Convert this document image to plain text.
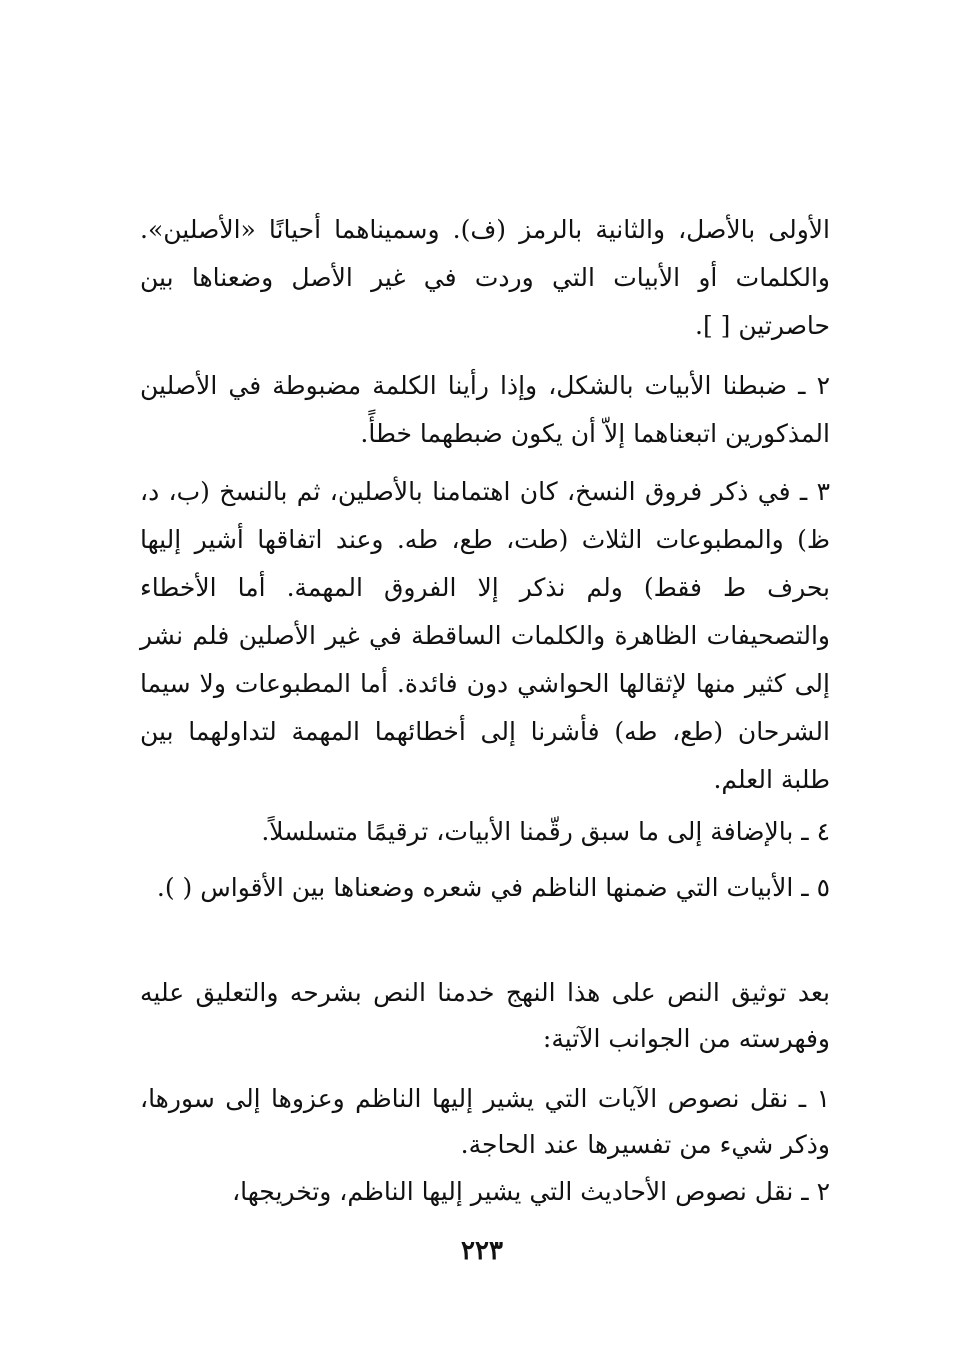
الأولى بالأصل، والثانية بالرمز (ف). وسميناهما أحيانًا «الأصلين». والكلمات أو الأبيات التي وردت في غير الأصل وضعناها بين حاصرتين [ ].

٢ ـ ضبطنا الأبيات بالشكل، وإذا رأينا الكلمة مضبوطة في الأصلين المذكورين اتبعناهما إلاّ أن يكون ضبطهما خطأً.

٣ ـ في ذكر فروق النسخ، كان اهتمامنا بالأصلين، ثم بالنسخ (ب، د، ظ) والمطبوعات الثلاث (طت، طع، طه. وعند اتفاقها أشير إليها بحرف ط فقط) ولم نذكر إلا الفروق المهمة. أما الأخطاء والتصحيفات الظاهرة والكلمات الساقطة في غير الأصلين فلم نشر إلى كثير منها لإثقالها الحواشي دون فائدة. أما المطبوعات ولا سيما الشرحان (طع، طه) فأشرنا إلى أخطائهما المهمة لتداولهما بين طلبة العلم.

٤ ـ بالإضافة إلى ما سبق رقّمنا الأبيات، ترقيمًا متسلسلاً.

٥ ـ الأبيات التي ضمنها الناظم في شعره وضعناها بين الأقواس ( ).

بعد توثيق النص على هذا النهج خدمنا النص بشرحه والتعليق عليه وفهرسته من الجوانب الآتية:

١ ـ نقل نصوص الآيات التي يشير إليها الناظم وعزوها إلى سورها، وذكر شيء من تفسيرها عند الحاجة.

٢ ـ نقل نصوص الأحاديث التي يشير إليها الناظم، وتخريجها،

٢٢٣
